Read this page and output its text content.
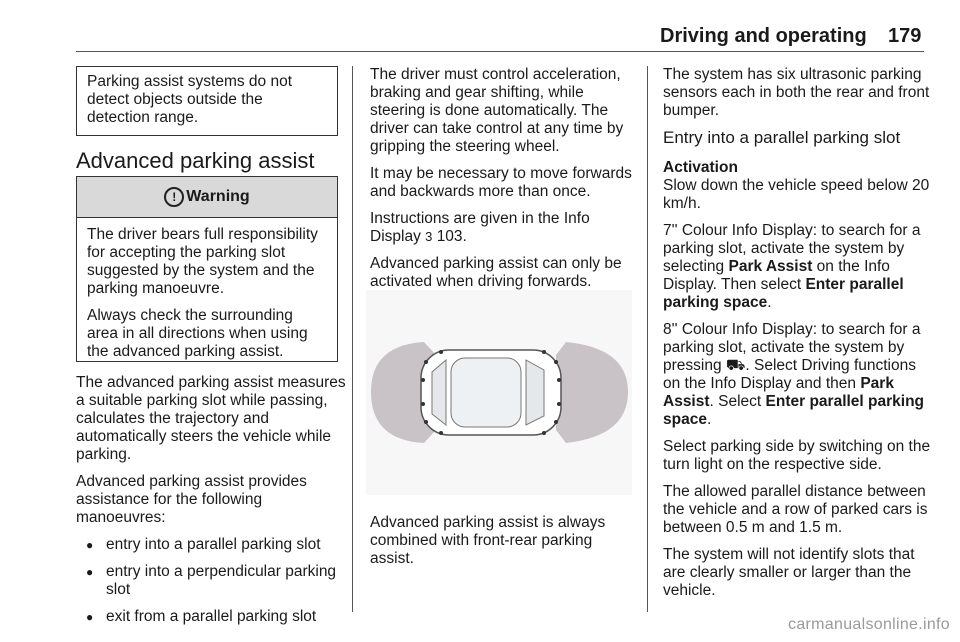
Driving and operating 179

Parking assist systems do not detect objects outside the detection range.

Advanced parking assist
! Warning

The driver bears full responsibility for accepting the parking slot suggested by the system and the parking manoeuvre.

Always check the surrounding area in all directions when using the advanced parking assist.

The advanced parking assist measures a suitable parking slot while passing, calculates the trajectory and automatically steers the vehicle while parking.

Advanced parking assist provides assistance for the following manoeuvres:

● entry into a parallel parking slot
● entry into a perpendicular parking slot
● exit from a parallel parking slot

The driver must control acceleration, braking and gear shifting, while steering is done automatically. The driver can take control at any time by gripping the steering wheel.

It may be necessary to move forwards and backwards more than once.

Instructions are given in the Info Display 3 103.

Advanced parking assist can only be activated when driving forwards.

Advanced parking assist is always combined with front-rear parking assist.

The system has six ultrasonic parking sensors each in both the rear and front bumper.

Entry into a parallel parking slot

Activation
Slow down the vehicle speed below 20 km/h.

7'' Colour Info Display: to search for a parking slot, activate the system by selecting Park Assist on the Info Display. Then select Enter parallel parking space.

8'' Colour Info Display: to search for a parking slot, activate the system by pressing ⛟. Select Driving functions on the Info Display and then Park Assist. Select Enter parallel parking space.

Select parking side by switching on the turn light on the respective side.

The allowed parallel distance between the vehicle and a row of parked cars is between 0.5 m and 1.5 m.

The system will not identify slots that are clearly smaller or larger than the vehicle.

carmanualsonline.info
